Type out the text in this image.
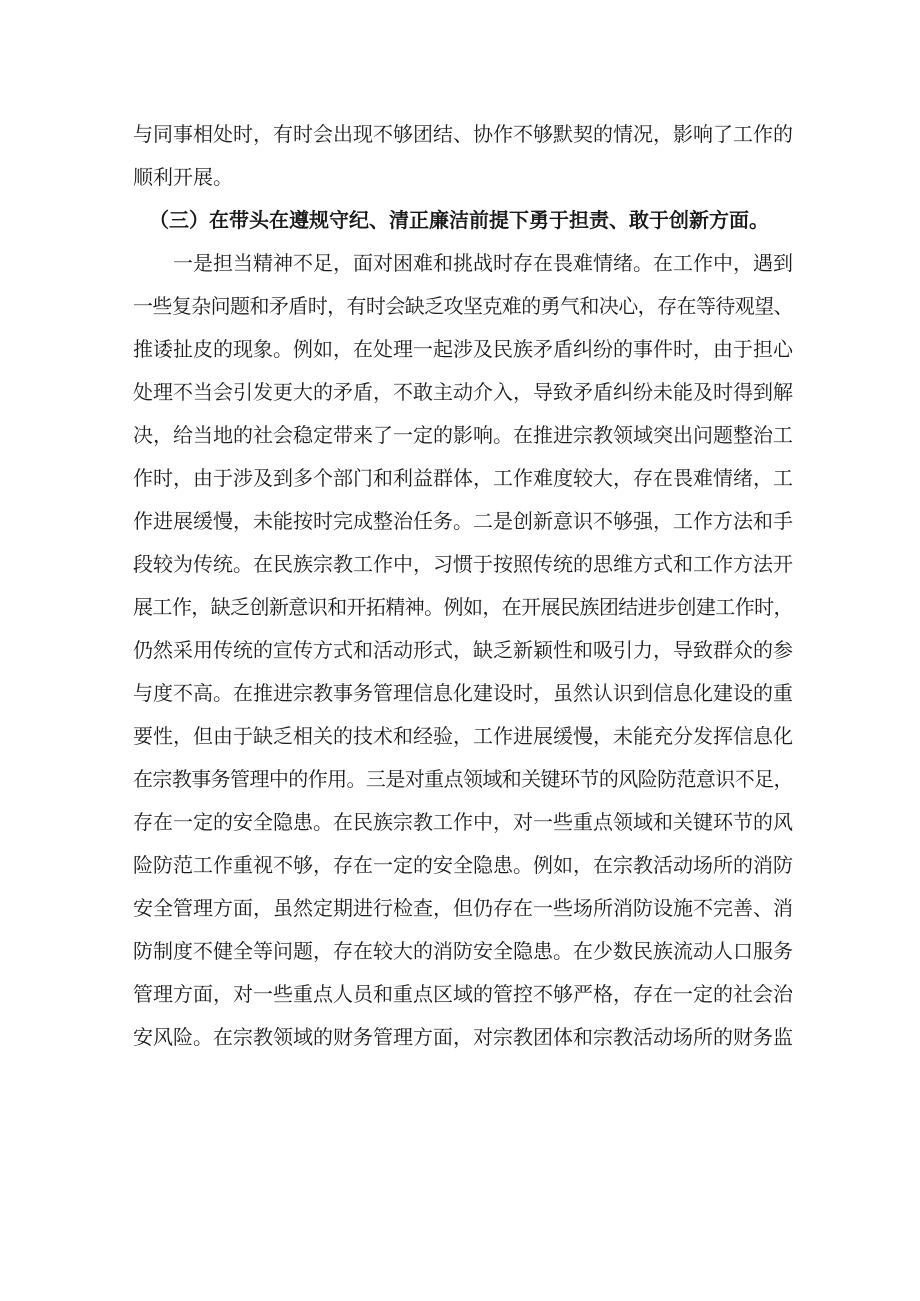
与同事相处时，有时会出现不够团结、协作不够默契的情况，影响了工作的
顺利开展。
（三）在带头在遵规守纪、清正廉洁前提下勇于担责、敢于创新方面。
一是担当精神不足，面对困难和挑战时存在畏难情绪。在工作中，遇到
一些复杂问题和矛盾时，有时会缺乏攻坚克难的勇气和决心，存在等待观望、
推诿扯皮的现象。例如，在处理一起涉及民族矛盾纠纷的事件时，由于担心
处理不当会引发更大的矛盾，不敢主动介入，导致矛盾纠纷未能及时得到解
决，给当地的社会稳定带来了一定的影响。在推进宗教领域突出问题整治工
作时，由于涉及到多个部门和利益群体，工作难度较大，存在畏难情绪，工
作进展缓慢，未能按时完成整治任务。二是创新意识不够强，工作方法和手
段较为传统。在民族宗教工作中，习惯于按照传统的思维方式和工作方法开
展工作，缺乏创新意识和开拓精神。例如，在开展民族团结进步创建工作时，
仍然采用传统的宣传方式和活动形式，缺乏新颖性和吸引力，导致群众的参
与度不高。在推进宗教事务管理信息化建设时，虽然认识到信息化建设的重
要性，但由于缺乏相关的技术和经验，工作进展缓慢，未能充分发挥信息化
在宗教事务管理中的作用。三是对重点领域和关键环节的风险防范意识不足，
存在一定的安全隐患。在民族宗教工作中，对一些重点领域和关键环节的风
险防范工作重视不够，存在一定的安全隐患。例如，在宗教活动场所的消防
安全管理方面，虽然定期进行检查，但仍存在一些场所消防设施不完善、消
防制度不健全等问题，存在较大的消防安全隐患。在少数民族流动人口服务
管理方面，对一些重点人员和重点区域的管控不够严格，存在一定的社会治
安风险。在宗教领域的财务管理方面，对宗教团体和宗教活动场所的财务监
